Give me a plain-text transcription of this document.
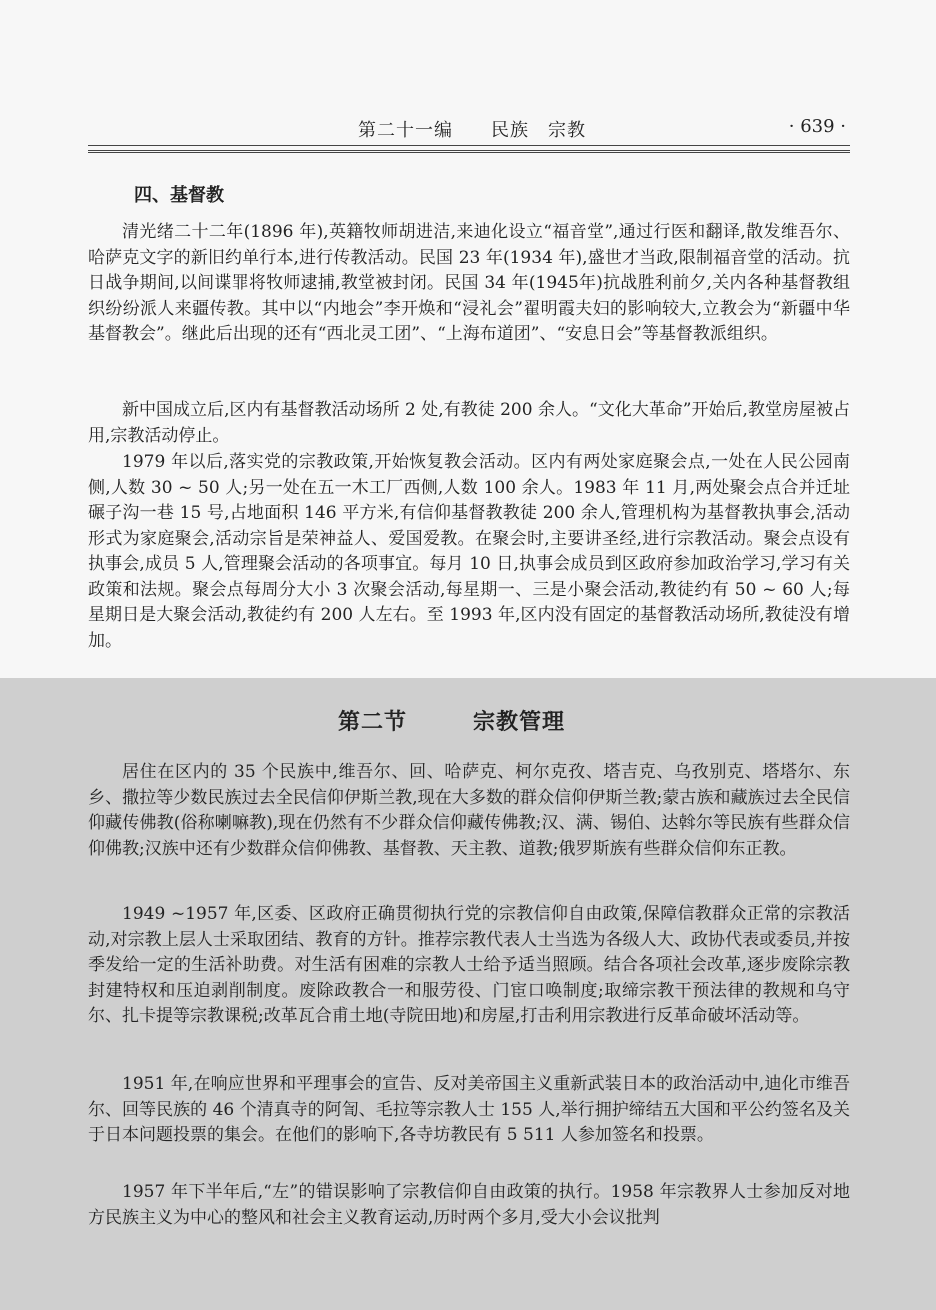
第二十一编　　民族　宗教	· 639 ·
四、基督教

清光绪二十二年(1896 年),英籍牧师胡进洁,来迪化设立“福音堂”,通过行医和翻译,散发维吾尔、哈萨克文字的新旧约单行本,进行传教活动。民国 23 年(1934 年),盛世才当政,限制福音堂的活动。抗日战争期间,以间谍罪将牧师逮捕,教堂被封闭。民国 34 年(1945年)抗战胜利前夕,关内各种基督教组织纷纷派人来疆传教。其中以“内地会”李开焕和“浸礼会”翟明霞夫妇的影响较大,立教会为“新疆中华基督教会”。继此后出现的还有“西北灵工团”、“上海布道团”、“安息日会”等基督教派组织。

新中国成立后,区内有基督教活动场所 2 处,有教徒 200 余人。“文化大革命”开始后,教堂房屋被占用,宗教活动停止。

1979 年以后,落实党的宗教政策,开始恢复教会活动。区内有两处家庭聚会点,一处在人民公园南侧,人数 30 ~ 50 人;另一处在五一木工厂西侧,人数 100 余人。1983 年 11 月,两处聚会点合并迁址碾子沟一巷 15 号,占地面积 146 平方米,有信仰基督教教徒 200 余人,管理机构为基督教执事会,活动形式为家庭聚会,活动宗旨是荣神益人、爱国爱教。在聚会时,主要讲圣经,进行宗教活动。聚会点设有执事会,成员 5 人,管理聚会活动的各项事宜。每月 10 日,执事会成员到区政府参加政治学习,学习有关政策和法规。聚会点每周分大小 3 次聚会活动,每星期一、三是小聚会活动,教徒约有 50 ~ 60 人;每星期日是大聚会活动,教徒约有 200 人左右。至 1993 年,区内没有固定的基督教活动场所,教徒没有增加。

第二节	宗教管理

居住在区内的 35 个民族中,维吾尔、回、哈萨克、柯尔克孜、塔吉克、乌孜别克、塔塔尔、东乡、撒拉等少数民族过去全民信仰伊斯兰教,现在大多数的群众信仰伊斯兰教;蒙古族和藏族过去全民信仰藏传佛教(俗称喇嘛教),现在仍然有不少群众信仰藏传佛教;汉、满、锡伯、达斡尔等民族有些群众信仰佛教;汉族中还有少数群众信仰佛教、基督教、天主教、道教;俄罗斯族有些群众信仰东正教。

1949 ~1957 年,区委、区政府正确贯彻执行党的宗教信仰自由政策,保障信教群众正常的宗教活动,对宗教上层人士采取团结、教育的方针。推荐宗教代表人士当选为各级人大、政协代表或委员,并按季发给一定的生活补助费。对生活有困难的宗教人士给予适当照顾。结合各项社会改革,逐步废除宗教封建特权和压迫剥削制度。废除政教合一和服劳役、门宦口唤制度;取缔宗教干预法律的教规和乌守尔、扎卡提等宗教课税;改革瓦合甫土地(寺院田地)和房屋,打击利用宗教进行反革命破坏活动等。

1951 年,在响应世界和平理事会的宣告、反对美帝国主义重新武装日本的政治活动中,迪化市维吾尔、回等民族的 46 个清真寺的阿訇、毛拉等宗教人士 155 人,举行拥护缔结五大国和平公约签名及关于日本问题投票的集会。在他们的影响下,各寺坊教民有 5 511 人参加签名和投票。

1957 年下半年后,“左”的错误影响了宗教信仰自由政策的执行。1958 年宗教界人士参加反对地方民族主义为中心的整风和社会主义教育运动,历时两个多月,受大小会议批判
